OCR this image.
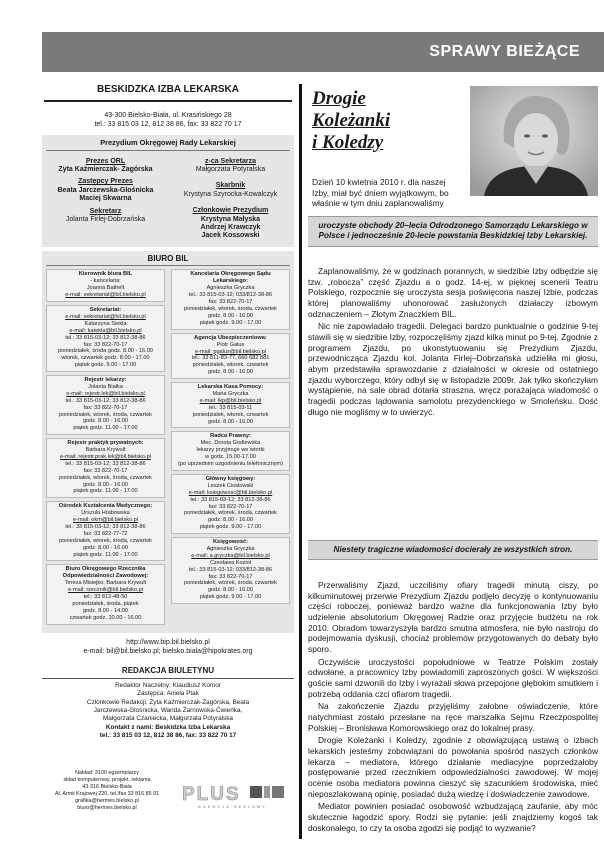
SPRAWY BIEŻĄCE
BESKIDZKA IZBA LEKARSKA
43-300 Bielsko-Biała, ul. Krasińskiego 28
tel.: 33 815 03 12, 812 38 86, fax: 33 822 70 17
Prezydium Okręgowej Rady Lekarskiej
Prezes ORL
Zyta Kaźmierczak- Zagórska
Zastępcy Prezes
Beata Jarczewska-Glośnicka
Maciej Skwarna
Sekretarz
Jolanta Firlej-Dobrzańska
z-ca Sekretarza
Małgorzata Potyralska
Skarbnik
Krystyna Szyrocka-Kowalczyk
Członkowie Prezydium
Krystyna Małyska
Andrzej Krawczyk
Jacek Kossowski
BIURO BIL
Kierownik biura BIL
- kancelaria:
Joanna Bathelt
e-mail: sekretariat@bil.bielsko.pl
Sekretariat:
e-mail: sekretariat@bil.bielsko.pl
Katarzyna Siekla
e-mail: katekla@bil.bielsko.pl
tel.: 33 815-03-12; 33 812-38-86
fax: 33 822-70-17
poniedziałek, środa godz. 8.00 - 16.00
wtorek, czwartek godz. 8.00 - 17.00
piątek godz. 9.00 - 17.00
Rejestr lekarzy:
Jolanta Białka
e-mail: rejestr.lek@bil.bielsko.pl
tel.: 33 815-03-12; 33 812-38-86
fax: 33 822-70-17
poniedziałek, wtorek, środa, czwartek
godz. 8.00 - 16.00
piątek godz. 11.00 - 17.00
Rejestr praktyk prywatnych:
Barbara Krywult
e-mail: rejestr.prak.lek@bil.bielsko.pl
tel.: 33 815-03-12; 33 812-38-86
fax: 33 822-70-17
poniedziałek, wtorek, środa, czwartek
godz. 8.00 - 16.00
piątek godz. 11.00 - 17.00
Ośrodek Kształcenia Medycznego:
Urszula Hrabowska
e-mail: okm@bil.bielsko.pl
tel.: 33 815-03-12; 33 812-38-86
fax: 33 822-77-72
poniedziałek, wtorek, środa, czwartek
godz. 8.00 - 16.00
piątek godz. 11.00 - 17.00
Biuro Okręgowego Rzecznika Odpowiedzialności Zawodowej:
Teresa Misiejko, Barbara Krywult
e-mail: rzecznik@bil.bielsko.pl
tel.: 33 812-48-50
poniedziałek, środa, piątek
godz. 8.00 - 14.00
czwartek godz. 10.00 - 16.00
Kancelaria Okręgowego Sądu Lekarskiego:
Agnieszka Gryczka
tel.: 33 815-03-12; 033/812-38-86
fax: 33 822-70-17
poniedziałek, wtorek, środa, czwartek
godz. 8.00 - 16.00
piątek godz. 9.00 - 17.00
Agencja Ubezpieczeniowa:
Piotr Galus
e-mail: pgalus@bil.bielsko.pl
tel.: 33 811-83-77, 660 682 881
poniedziałek, wtorek, czwartek
godz. 8.00 - 16.00
Lekarska Kasa Pomocy:
Maria Gryczka
e-mail: lkp@bil.bielsko.pl
tel.: 33 815-03-11
poniedziałek, wtorek, czwartek
godz. 8.00 - 16.00
Radca Prawny:
Mec. Dorota Godlewska
lekarzy przyjmuje we wtorki
w godz. 15.00-17.00
(po uprzednim uzgodnieniu telefonicznym)
Główny księgowy:
Leszek Ciosłowski
e-mail: ksiegowosc@bil.bielsko.pl
tel.: 33 815-03-12; 33 812-38-86
fax: 33 822-70-17
poniedziałek, wtorek, środa, czwartek
godz. 8.00 - 16.00
piątek godz. 9.00 - 17.00
Księgowość:
Agnieszka Gryczka
e-mail: a.gryczka@bil.bielsko.pl
Czesława Kozioł
tel.: 33 815-03-12; 033/812-38-86
fax: 33 822-70-17
poniedziałek, wtorek, środa, czwartek
godz. 8.00 - 16.00
piątek godz. 9.00 - 17.00
http://www.bip.bil.bielsko.pl
e-mail: bil@bil.bielsko.pl; bielsko.biala@hipokrates.org
REDAKCJA BIULETYNU
Redaktor Naczelny: Klaudiusz Komor
Zastępca: Aniela Ptak
Członkowie Redakcji: Zyta Kaźmierczak-Zagórska, Beata
Jarczewska-Glośnicka, Wanda Żarnowska-Ćwierlka,
Małgorzata Czaniecka, Małgorzata Potyralska
Kontakt z nami: Beskidzka Izba Lekarska
tel.: 33 815 03 12, 812 38 86, fax: 33 822 70 17
Nakład: 3100 egzemplarzy
skład komputerowy, projekt, reklama
43-316 Bielsko-Biała
Al. Armii Krajowej 220, tel./fax 33 816 85 91
grafika@hermes.bielsko.pl
biuro@hermes.bielsko.pl
PLUS
AGENCJA REKLAMY
Drogie
Koleżanki
i Koledzy
Dzień 10 kwietnia 2010 r. dla naszej Izby, miał być dniem wyjątkowym, bo właśnie w tym dniu zaplanowaliśmy
uroczyste obchody 20–lecia Odrodzonego Samorządu Lekarskiego w Polsce i jednocześnie 20-lecie powstania Beskidzkiej Izby Lekarskiej.

Zaplanowaliśmy, że w godzinach porannych, w siedzibie Izby odbędzie się tzw. „robocza” część Zjazdu a o godz. 14-ej, w pięknej scenerii Teatru Polskiego, rozpocznie się uroczysta sesja poświęcona naszej Izbie, podczas której planowaliśmy uhonorować zasłużonych działaczy izbowym odznaczeniem – Złotym Znaczkiem BIL.

Nic nie zapowiadało tragedii. Delegaci bardzo punktualnie o godzinie 9-tej stawili się w siedzibie Izby, rozpoczęliśmy zjazd kilka minut po 9-tej. Zgodnie z programem Zjazdu, po ukonstytuowaniu się Prezydium Zjazdu, przewodnicząca Zjazdu kol. Jolanta Firlej–Dobrzańska udzieliła mi głosu, abym przedstawiła sprawozdanie z działalności w okresie od ostatniego zjazdu wyborczego, który odbył się w listopadzie 2009r. Jak tylko skończyłam wystąpienie, na sale obrad dotarła straszna, wręcz porażająca wiadomość o tragedii podczas lądowania samolotu prezydenckiego w Smoleńsku. Dość długo nie mogliśmy w to uwierzyć.

Niestety tragiczne wiadomości docierały ze wszystkich stron.

Przerwaliśmy Zjazd, uczciliśmy ofiary tragedii minutą ciszy, po kilkuminutowej przerwie Prezydium Zjazdu podjęło decyzję o kontynuowaniu części roboczej, ponieważ bardzo ważne dla funkcjonowania Izby było udzielenie absolutorium Okręgowej Radzie oraz przyjęcie budżetu na rok 2010. Obradom towarzyszyła bardzo smutna atmosfera, nie było nastroju do podejmowania dyskusji, chociaż problemów przygotowanych do debaty było sporo.

Oczywiście uroczystości popołudniowe w Teatrze Polskim zostały odwołane, a pracownicy Izby powiadomili zaproszonych gości. W większości goście sami dzwonili do Izby i wyrażali słowa przepojone głębokim smutkiem i potrzebą oddania czci ofiarom tragedii.

Na zakończenie Zjazdu przyjęliśmy załobne oświadczenie, które natychmiast zostało przesłane na ręce marszałka Sejmu Rzeczpospolitej Polskiej – Bronisława Komorowskiego oraz do lokalnej prasy.

Drogie Koleżanki i Koledzy, zgodnie z obowiązującą ustawą o izbach lekarskich jesteśmy zobowiązani do powołania spośród naszych członków lekarza – mediatora, którego działanie mediacyjne poprzedzałoby postępowanie przed rzecznikiem odpowiedzialności zawodowej. W mojej ocenie osoba mediatora powinna cieszyć się szacunkiem środowiska, mieć nieposzlakowaną opinię, posiadać dużą wiedzę i doświadczenie zawodowe.

Mediator powinien posiadać osobowość wzbudzającą zaufanie, aby móc skutecznie łagodzić spory. Rodzi się pytanie: jeśli znajdziemy kogoś tak doskonałego, to czy ta osoba zgodzi się podjąć to wyzwanie?
